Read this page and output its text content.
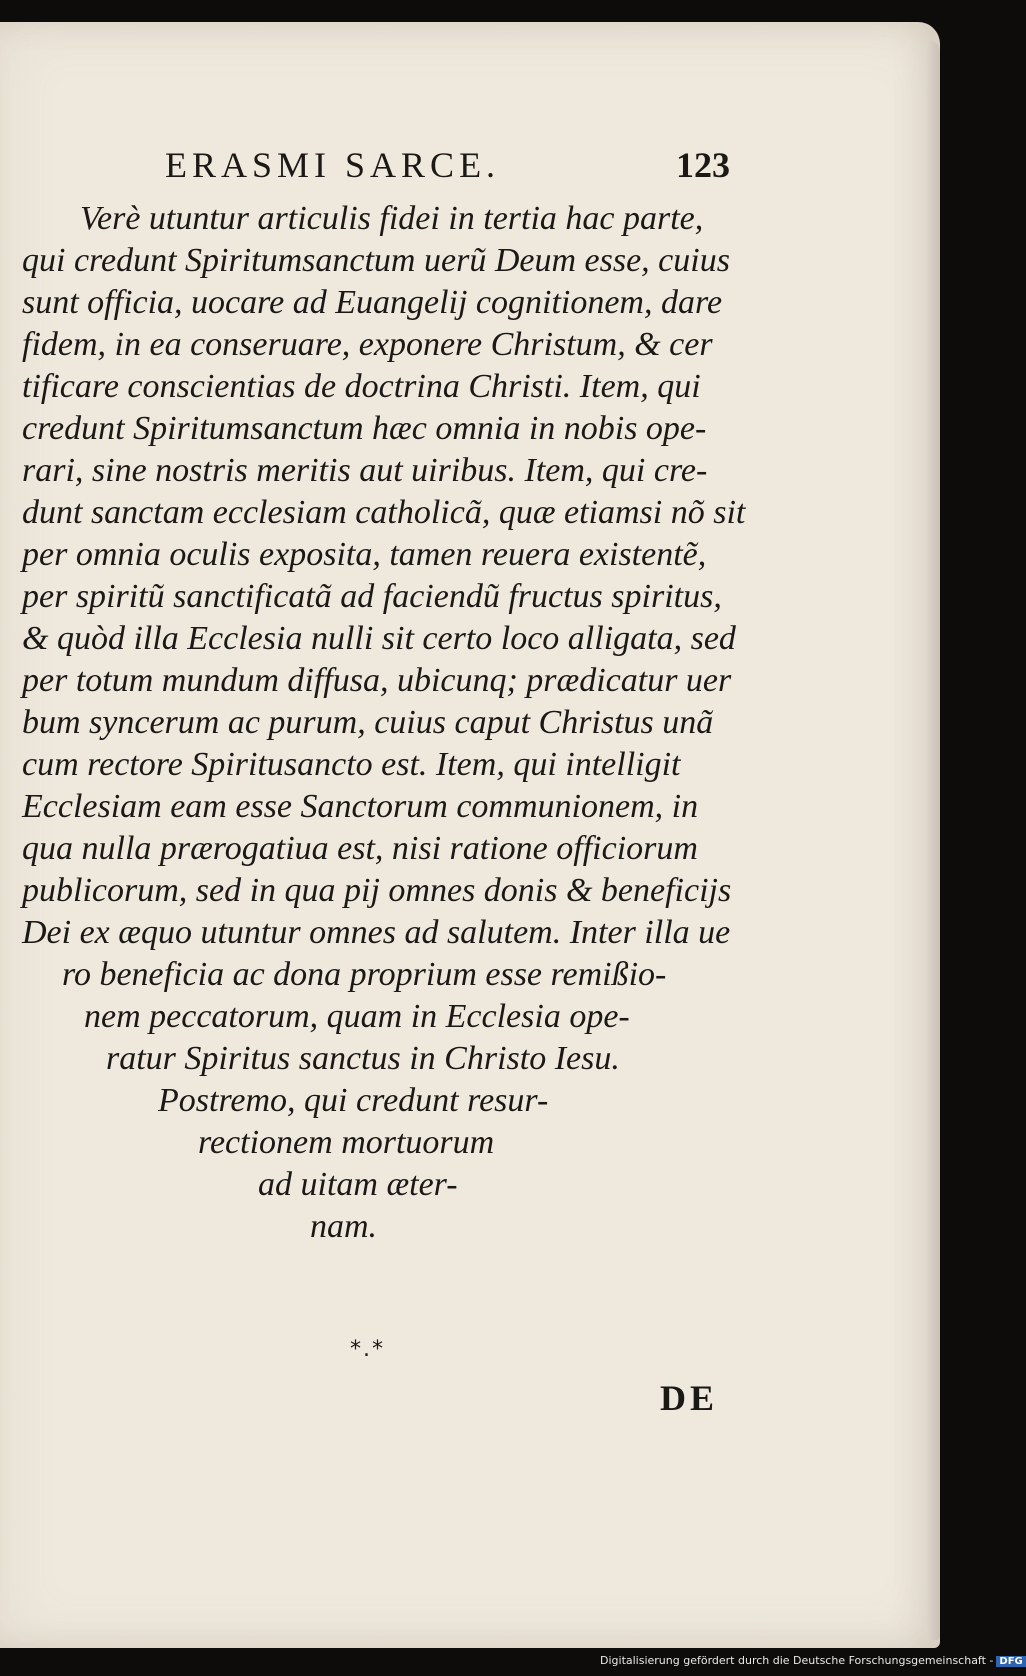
ERASMI SARCE.	123
Verè utuntur articulis fidei in tertia hac parte,
qui credunt Spiritumsanctum uerũ Deum esse, cuius
sunt officia, uocare ad Euangelij cognitionem, dare
fidem, in ea conseruare, exponere Christum, & cer
tificare conscientias de doctrina Christi. Item, qui
credunt Spiritumsanctum hæc omnia in nobis ope-
rari, sine nostris meritis aut uiribus. Item, qui cre-
dunt sanctam ecclesiam catholicã, quæ etiamsi nõ sit
per omnia oculis exposita, tamen reuera existentẽ,
per spiritũ sanctificatã ad faciendũ fructus spiritus,
& quòd illa Ecclesia nulli sit certo loco alligata, sed
per totum mundum diffusa, ubicunq; prædicatur uer
bum syncerum ac purum, cuius caput Christus unã
cum rectore Spiritusancto est. Item, qui intelligit
Ecclesiam eam esse Sanctorum communionem, in
qua nulla prærogatiua est, nisi ratione officiorum
publicorum, sed in qua pij omnes donis & beneficijs
Dei ex æquo utuntur omnes ad salutem. Inter illa ue
ro beneficia ac dona proprium esse remißio-
nem peccatorum, quam in Ecclesia ope-
ratur Spiritus sanctus in Christo Iesu.
Postremo, qui credunt resur-
rectionem mortuorum
ad uitam æter-
nam.
*.*
DE
Digitalisierung gefördert durch die Deutsche Forschungsgemeinschaft - DFG
